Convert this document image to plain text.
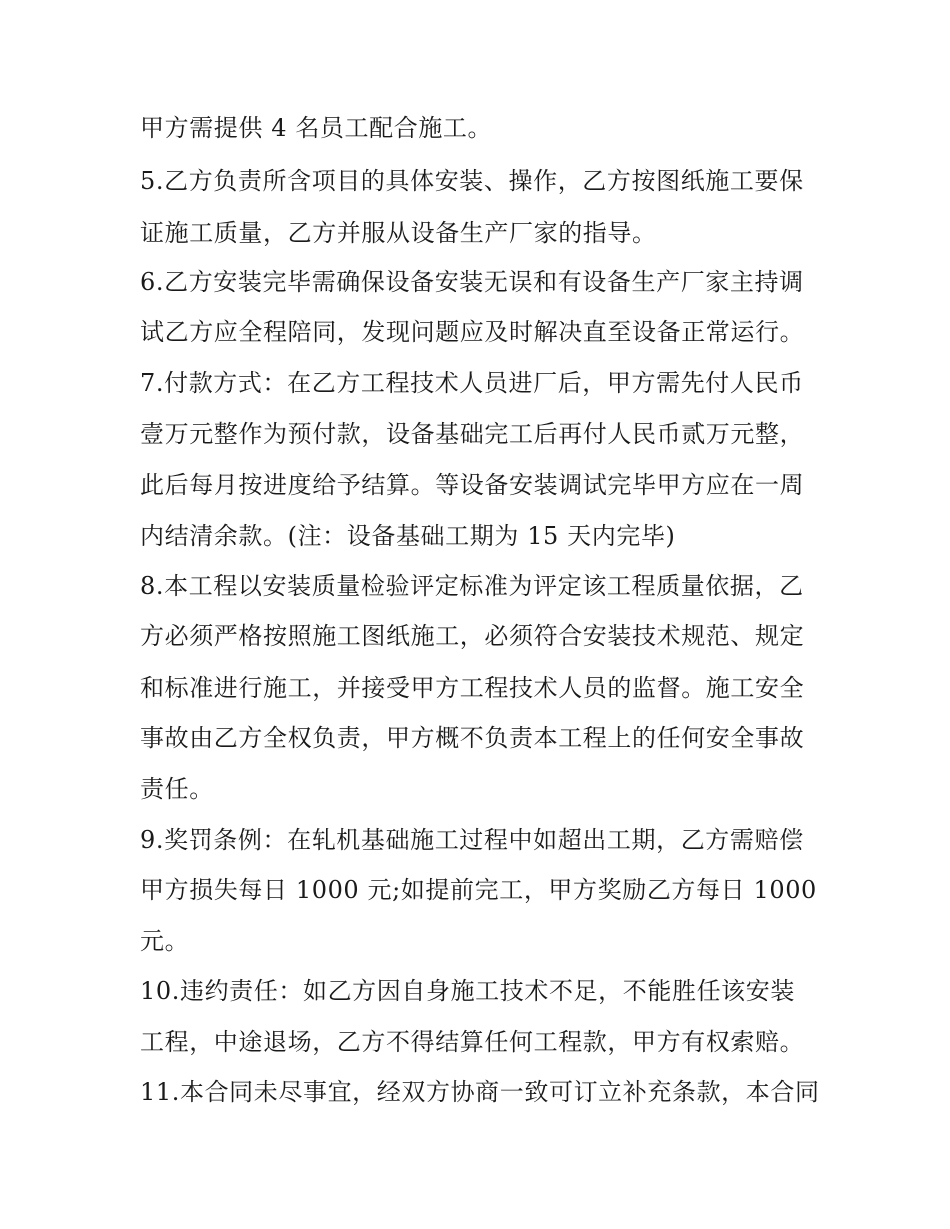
甲方需提供 4 名员工配合施工。
5.乙方负责所含项目的具体安装、操作，乙方按图纸施工要保
证施工质量，乙方并服从设备生产厂家的指导。
6.乙方安装完毕需确保设备安装无误和有设备生产厂家主持调
试乙方应全程陪同，发现问题应及时解决直至设备正常运行。
7.付款方式：在乙方工程技术人员进厂后，甲方需先付人民币
壹万元整作为预付款，设备基础完工后再付人民币贰万元整，
此后每月按进度给予结算。等设备安装调试完毕甲方应在一周
内结清余款。(注：设备基础工期为 15 天内完毕)
8.本工程以安装质量检验评定标准为评定该工程质量依据，乙
方必须严格按照施工图纸施工，必须符合安装技术规范、规定
和标准进行施工，并接受甲方工程技术人员的监督。施工安全
事故由乙方全权负责，甲方概不负责本工程上的任何安全事故
责任。
9.奖罚条例：在轧机基础施工过程中如超出工期，乙方需赔偿
甲方损失每日 1000 元;如提前完工，甲方奖励乙方每日 1000
元。
10.违约责任：如乙方因自身施工技术不足，不能胜任该安装
工程，中途退场，乙方不得结算任何工程款，甲方有权索赔。
11.本合同未尽事宜，经双方协商一致可订立补充条款，本合同
